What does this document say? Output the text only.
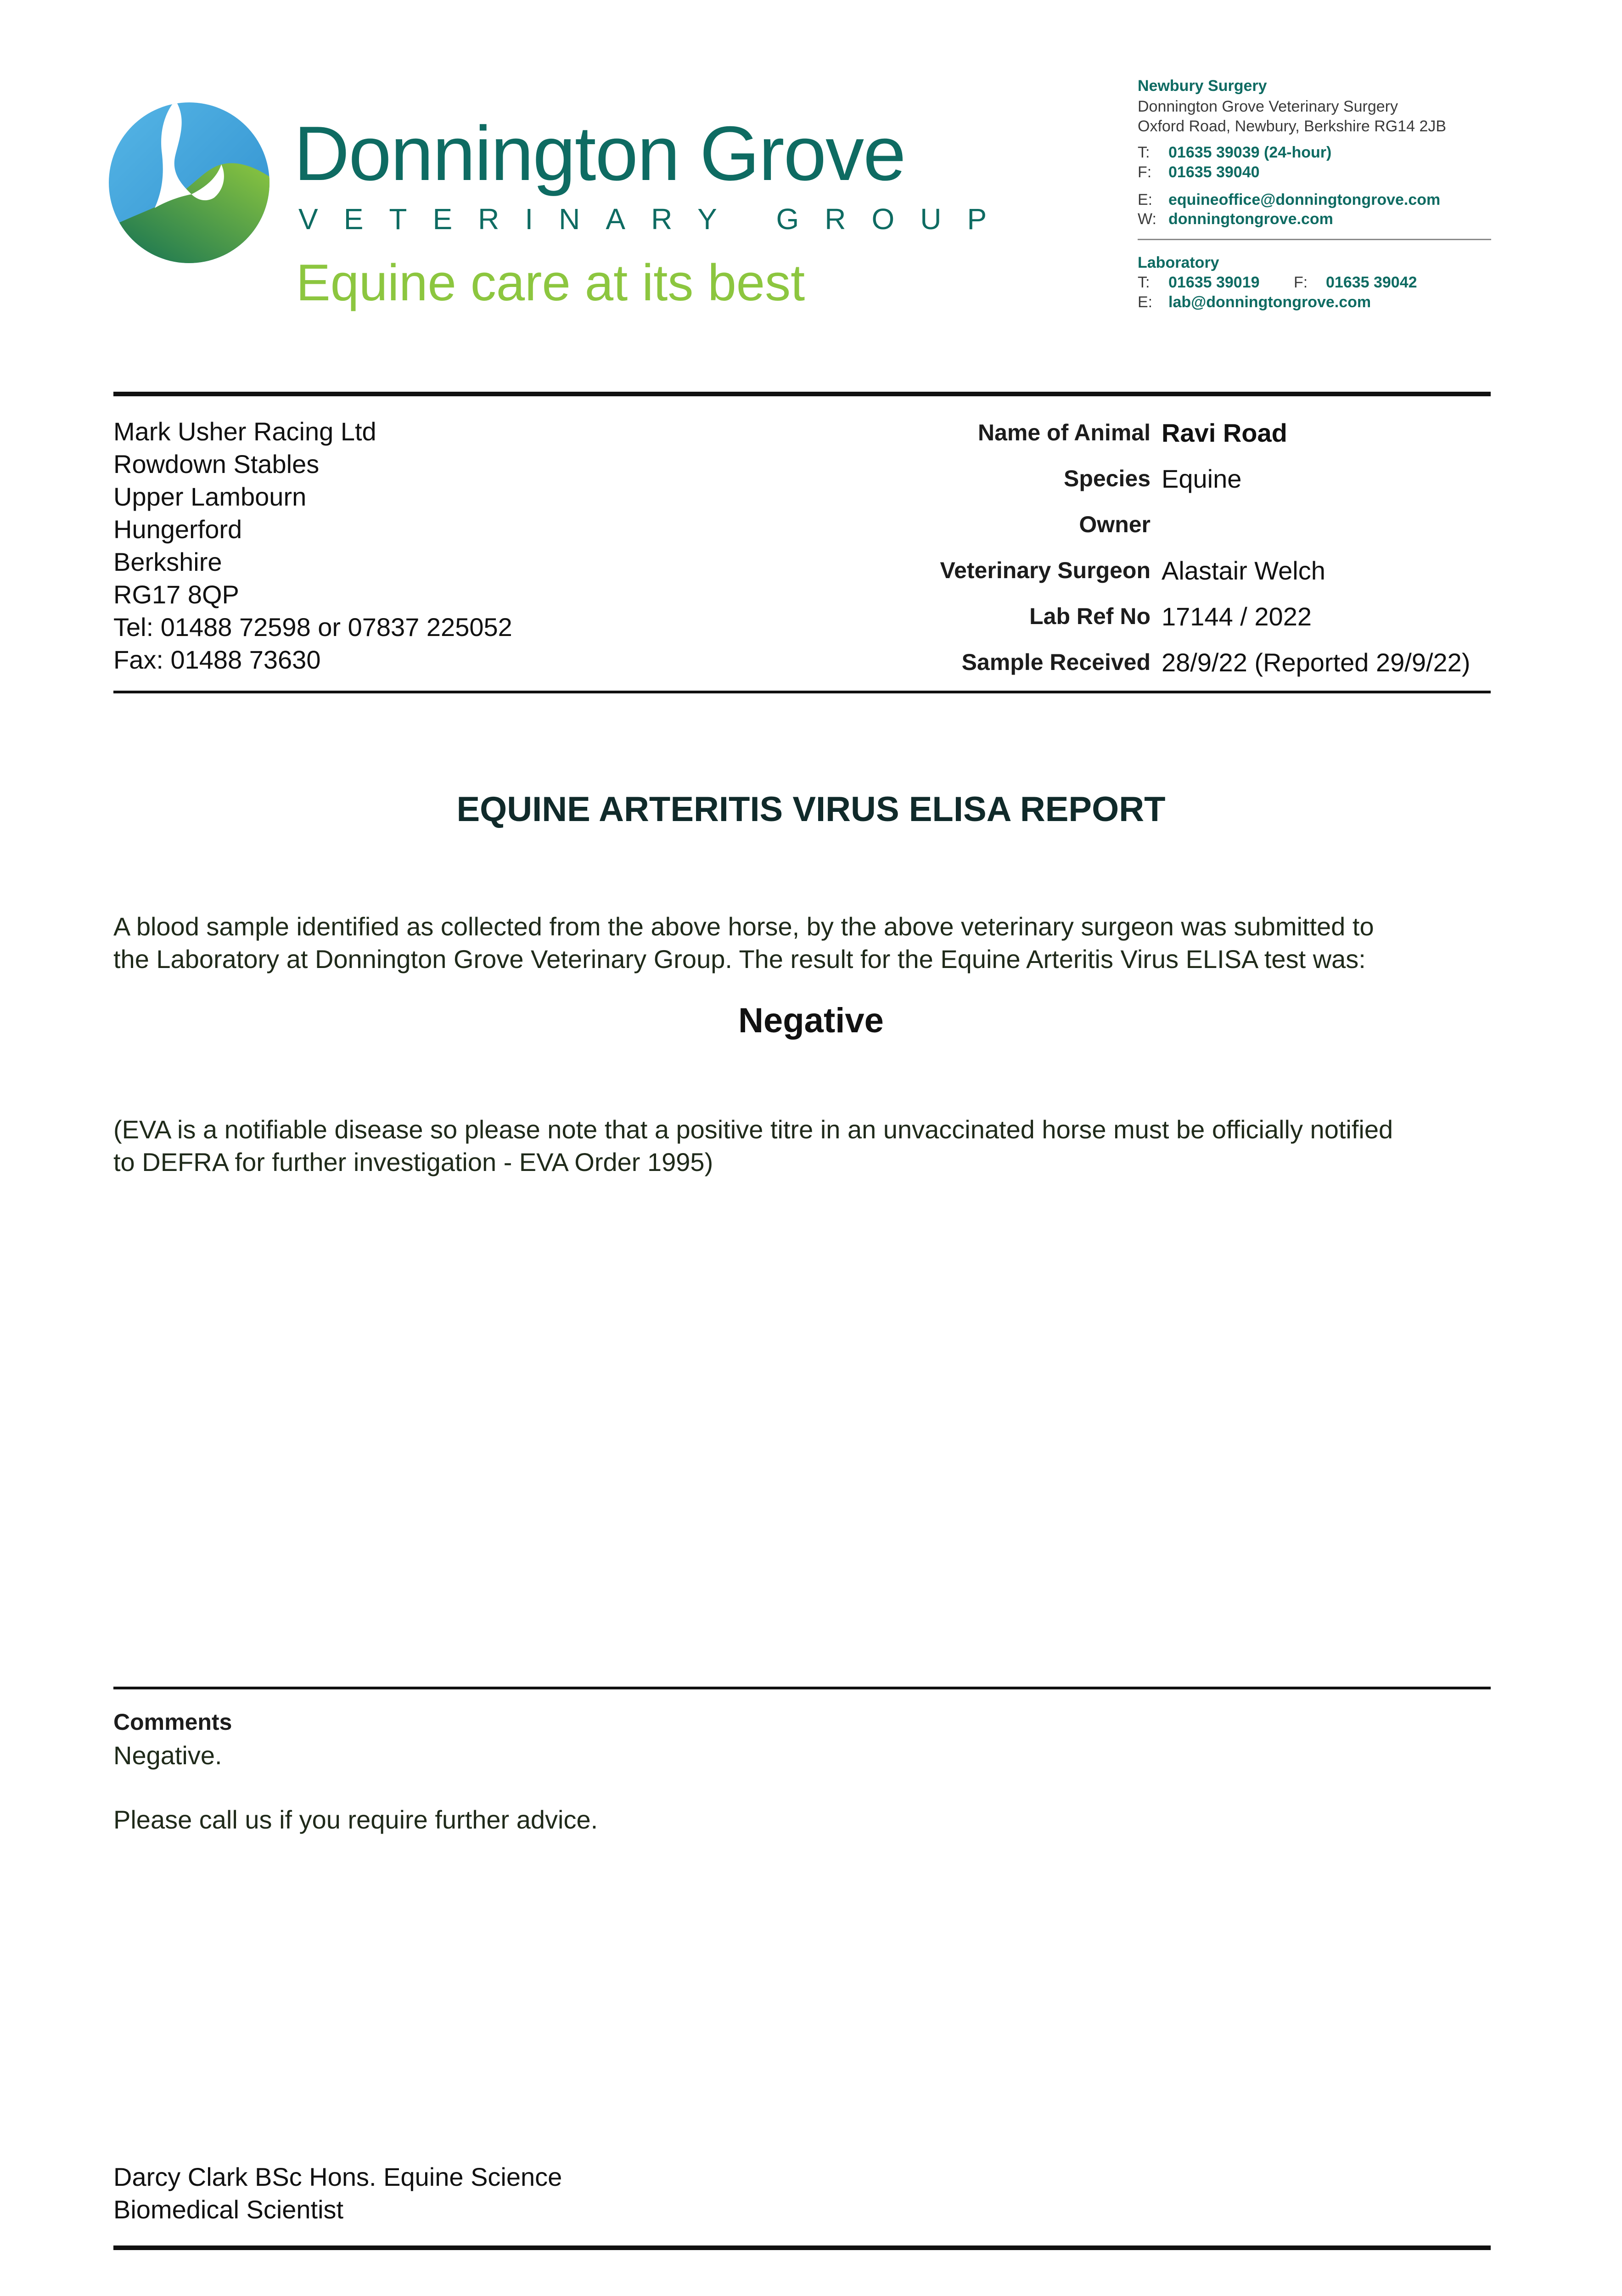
Donnington Grove
VETERINARY GROUP
Equine care at its best
Newbury Surgery
Donnington Grove Veterinary Surgery
Oxford Road, Newbury, Berkshire RG14 2JB
T: 01635 39039 (24-hour)
F: 01635 39040
E: equineoffice@donningtongrove.com
W: donningtongrove.com
Laboratory
T: 01635 39019 F: 01635 39042
E: lab@donningtongrove.com
Mark Usher Racing Ltd
Rowdown Stables
Upper Lambourn
Hungerford
Berkshire
RG17 8QP
Tel: 01488 72598 or 07837 225052
Fax: 01488 73630
Name of Animal Ravi Road
Species Equine
Owner
Veterinary Surgeon Alastair Welch
Lab Ref No 17144 / 2022
Sample Received 28/9/22 (Reported 29/9/22)
EQUINE ARTERITIS VIRUS ELISA REPORT
A blood sample identified as collected from the above horse, by the above veterinary surgeon was submitted to
the Laboratory at Donnington Grove Veterinary Group. The result for the Equine Arteritis Virus ELISA test was:
Negative
(EVA is a notifiable disease so please note that a positive titre in an unvaccinated horse must be officially notified
to DEFRA for further investigation - EVA Order 1995)
Comments
Negative.
Please call us if you require further advice.
Darcy Clark BSc Hons. Equine Science
Biomedical Scientist
